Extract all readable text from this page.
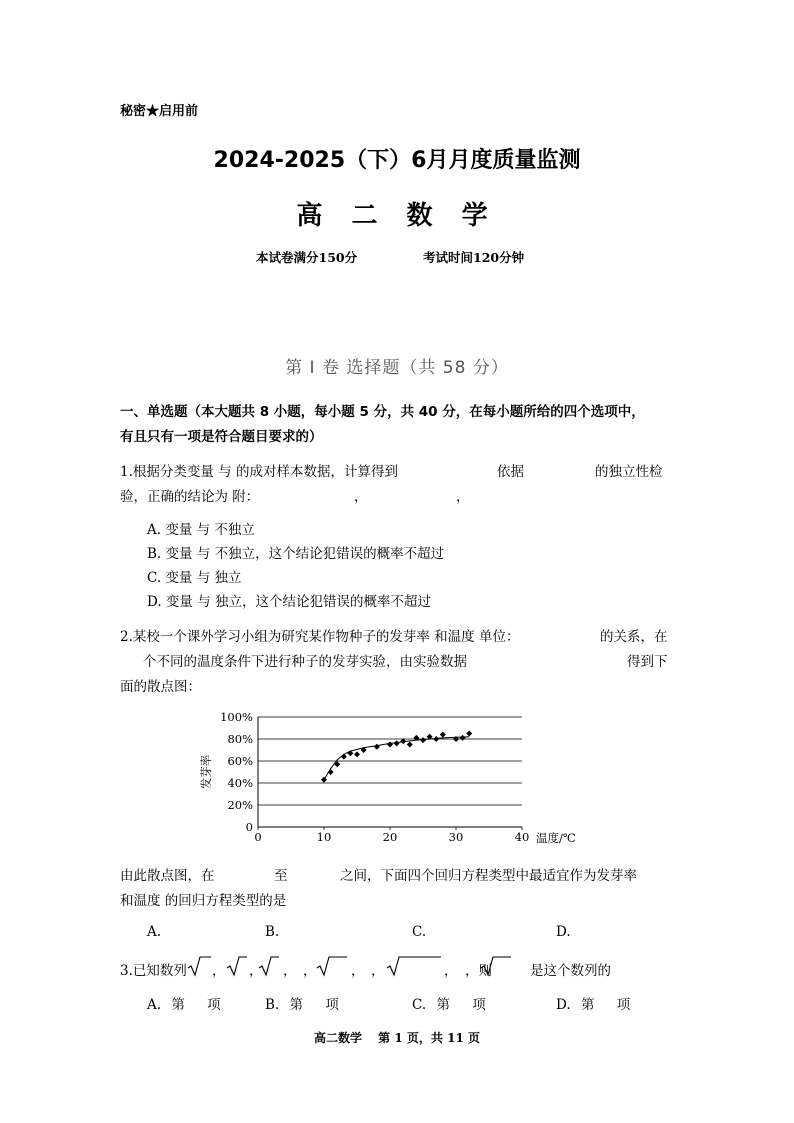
秘密★启用前
2024-2025（下）6月月度质量监测
高 二 数 学
本试卷满分150分	考试时间120分钟
第 I 卷 选择题（共 58 分）
一、单选题（本大题共 8 小题，每小题 5 分，共 40 分，在每小题所给的四个选项中，
有且只有一项是符合题目要求的）
1.根据分类变量 与 的成对样本数据，计算得到	依据	的独立性检
验，正确的结论为 附：	，	，
A. 变量 与 不独立
B. 变量 与 不独立，这个结论犯错误的概率不超过
C. 变量 与 独立
D. 变量 与 独立，这个结论犯错误的概率不超过
2.某校一个课外学习小组为研究某作物种子的发芽率 和温度 单位：	的关系，在
个不同的温度条件下进行种子的发芽实验，由实验数据	得到下
面的散点图：
0
20%
40%
60%
80%
100%
0	10	20	30	40 温度/℃
发芽率
由此散点图，在	至	之间，下面四个回归方程类型中最适宜作为发芽率
和温度 的回归方程类型的是
A.	B.	C.	D.
3.已知数列 ， ， ， ，	， ，	， ，则	是这个数列的
A. 第 项	B. 第 项	C. 第 项	D. 第 项
高二数学 第 1 页，共 11 页
